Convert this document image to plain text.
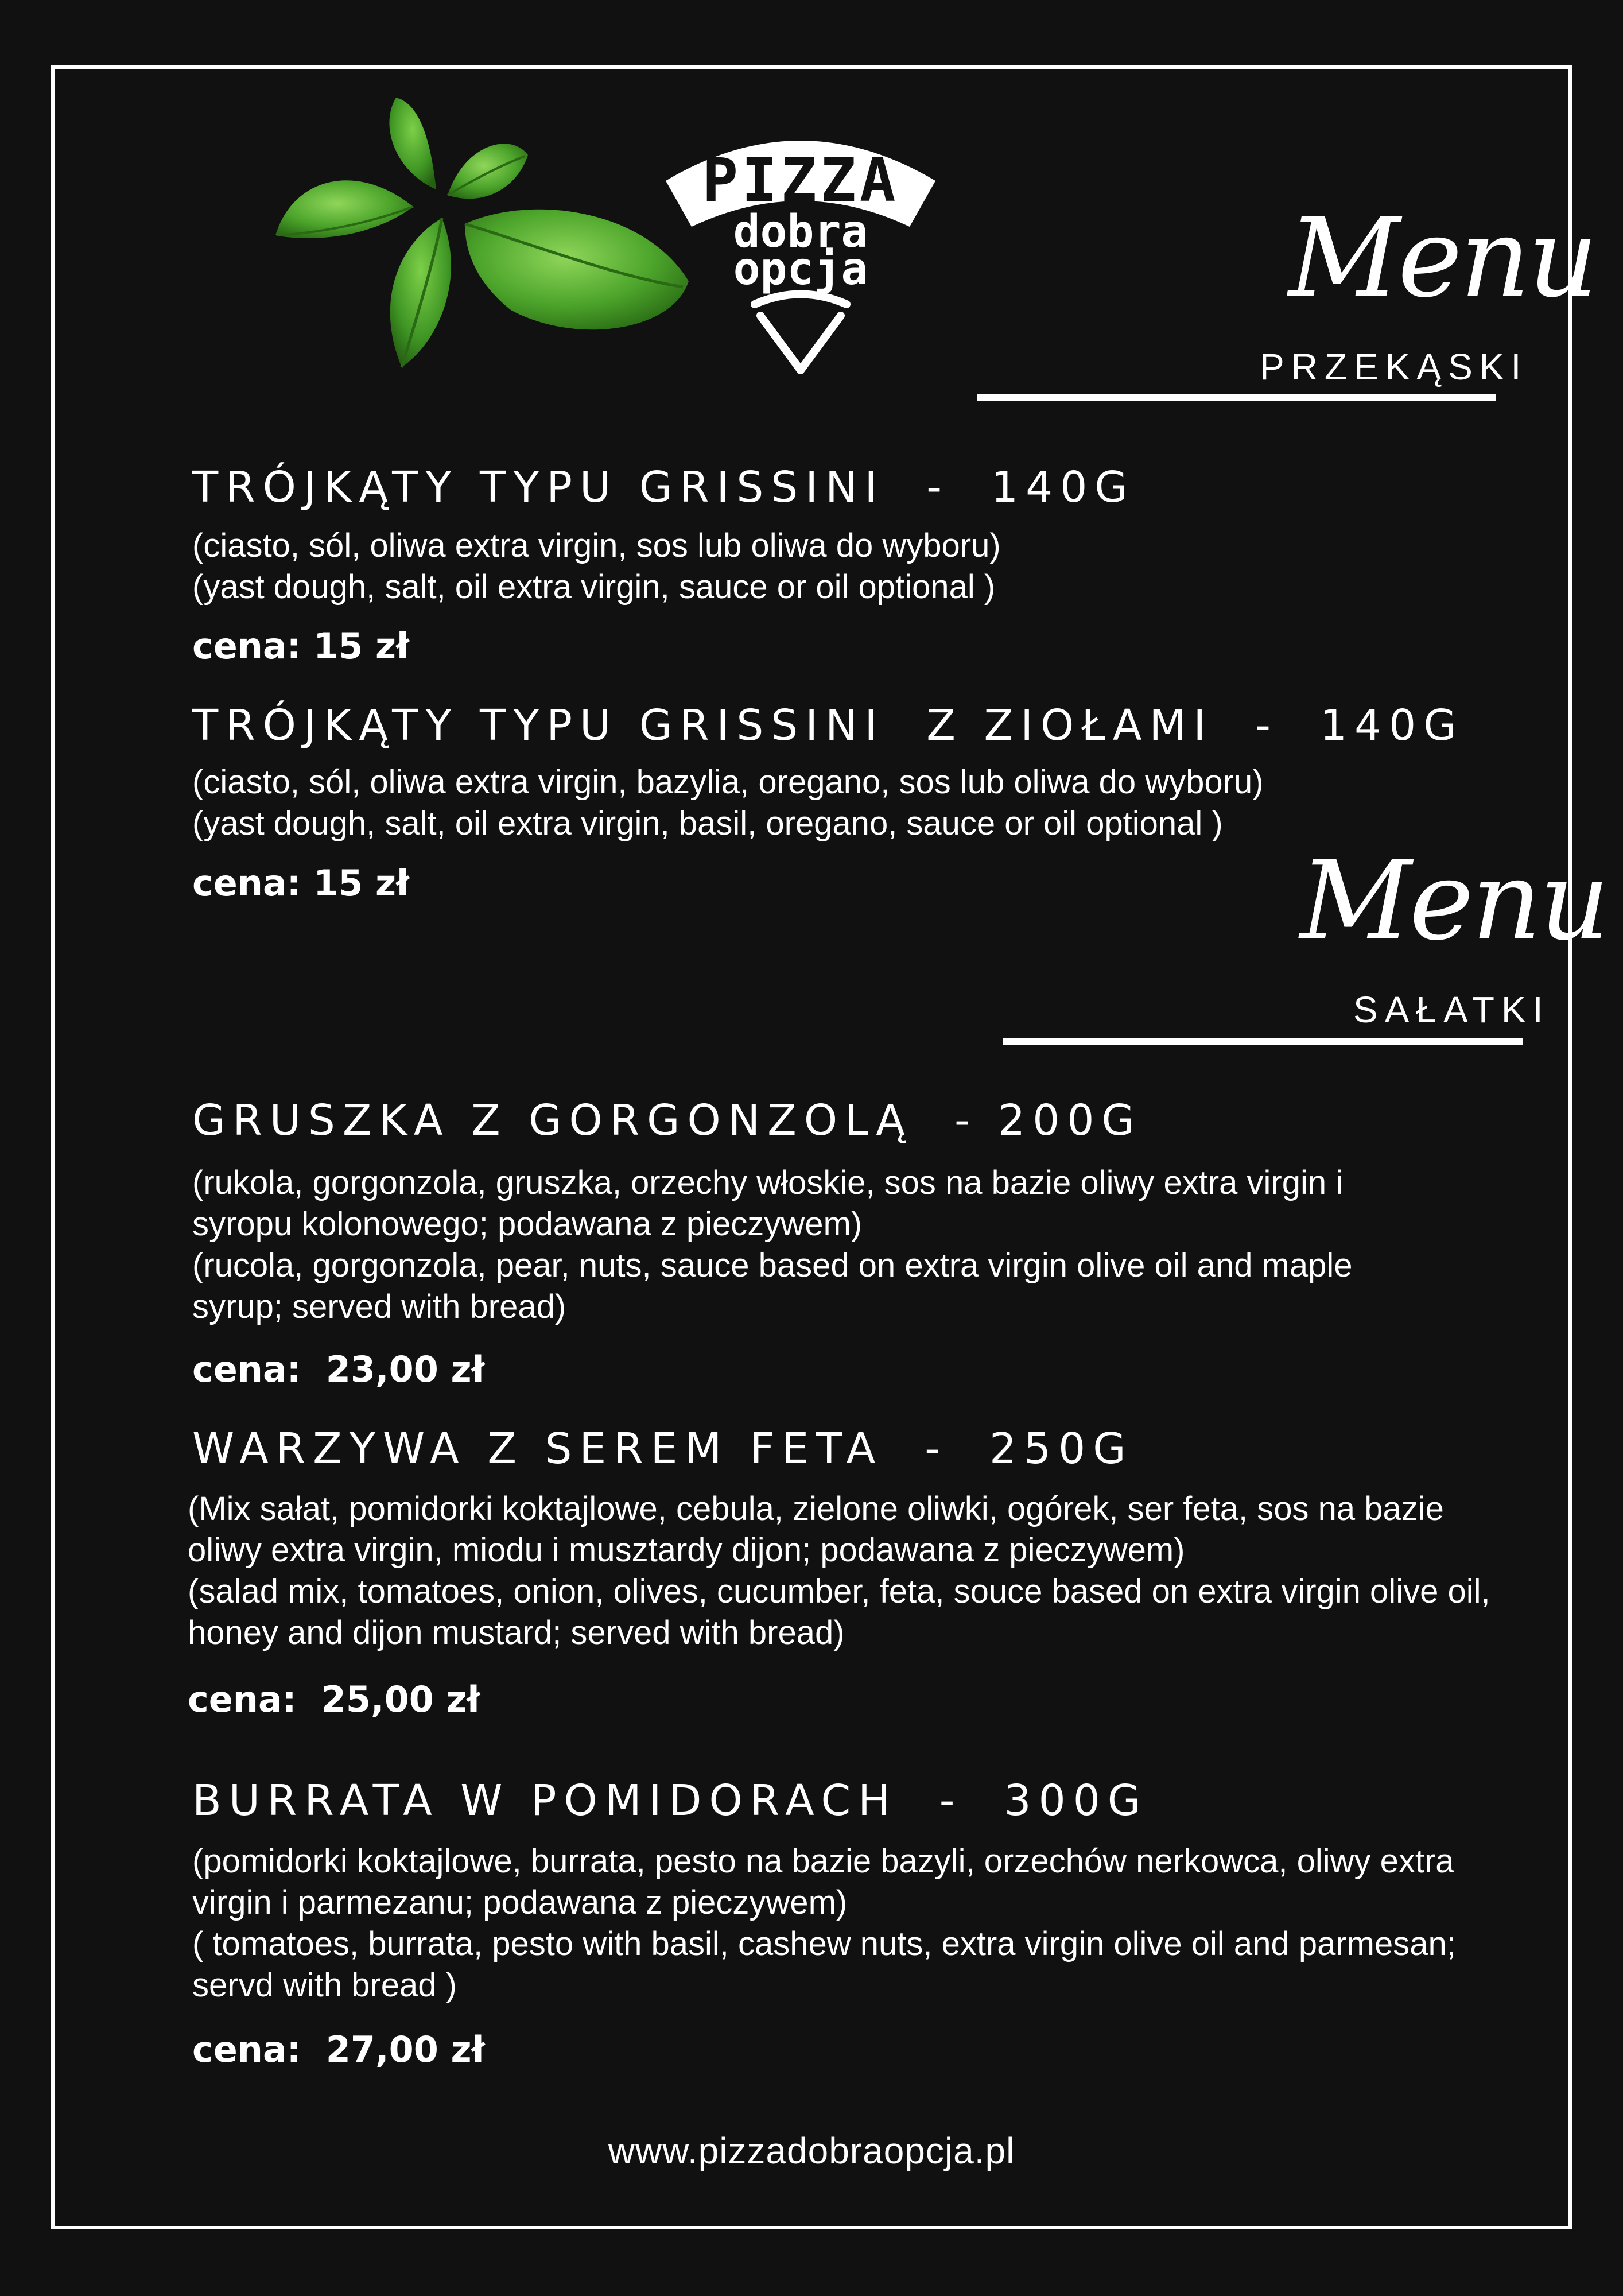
PIZZA
dobra
opcja	Menu
PRZEKĄSKI
TRÓJKĄTY TYPU GRISSINI  -  140G
(ciasto, sól, oliwa extra virgin, sos lub oliwa do wyboru)
(yast dough, salt, oil extra virgin, sauce or oil optional )
cena: 15 zł
TRÓJKĄTY TYPU GRISSINI  Z ZIOŁAMI  -  140G
(ciasto, sól, oliwa extra virgin, bazylia, oregano, sos lub oliwa do wyboru)
(yast dough, salt, oil extra virgin, basil, oregano, sauce or oil optional )
cena: 15 zł	Menu
SAŁATKI
GRUSZKA Z GORGONZOLĄ  - 200G
(rukola, gorgonzola, gruszka, orzechy włoskie, sos na bazie oliwy extra virgin i
syropu kolonowego; podawana z pieczywem)
(rucola, gorgonzola, pear, nuts, sauce based on extra virgin olive oil and maple
syrup; served with bread)
cena:  23,00 zł
WARZYWA Z SEREM FETA  -  250G
(Mix sałat, pomidorki koktajlowe, cebula, zielone oliwki, ogórek, ser feta, sos na bazie
oliwy extra virgin, miodu i musztardy dijon; podawana z pieczywem)
(salad mix, tomatoes, onion, olives, cucumber, feta, souce based on extra virgin olive oil,
honey and dijon mustard; served with bread)
cena:  25,00 zł
BURRATA W POMIDORACH  -  300G
(pomidorki koktajlowe, burrata, pesto na bazie bazyli, orzechów nerkowca, oliwy extra
virgin i parmezanu; podawana z pieczywem)
( tomatoes, burrata, pesto with basil, cashew nuts, extra virgin olive oil and parmesan;
servd with bread )
cena:  27,00 zł
www.pizzadobraopcja.pl
